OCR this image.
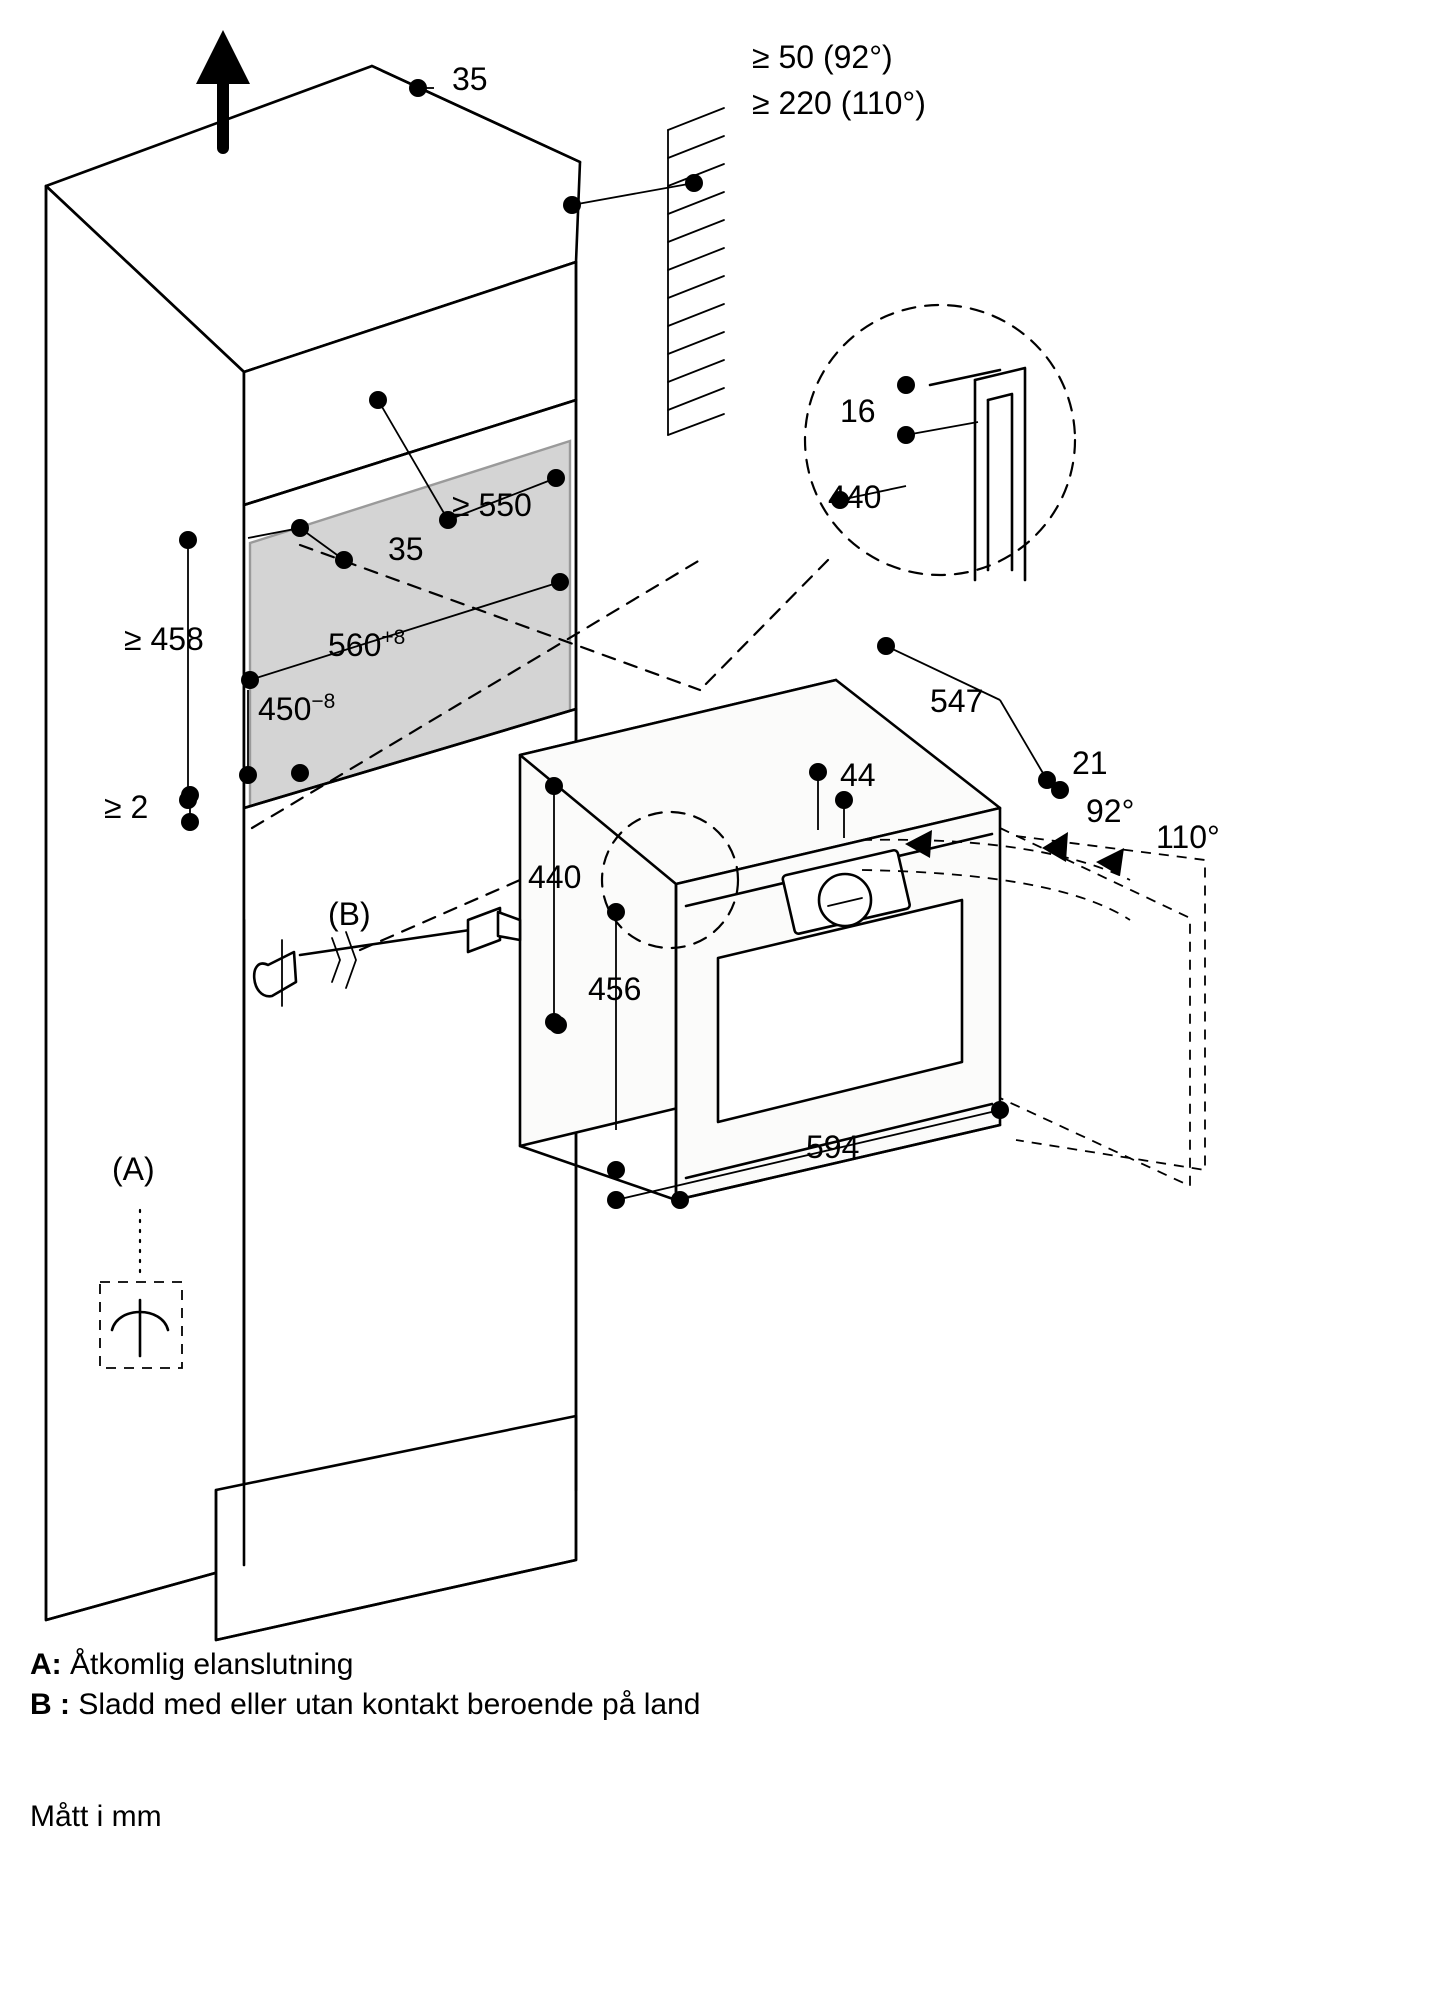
35
≥ 50 (92°)
≥ 220 (110°)
≥ 550
35
$560^{+8}$
$450^{-8}$
≥ 458
≥ 2
16
440
547
21
44
440
456
594
92°
110°
(B)
(A)
A: Åtkomlig elanslutning
B : Sladd med eller utan kontakt beroende på land
Mått i mm
